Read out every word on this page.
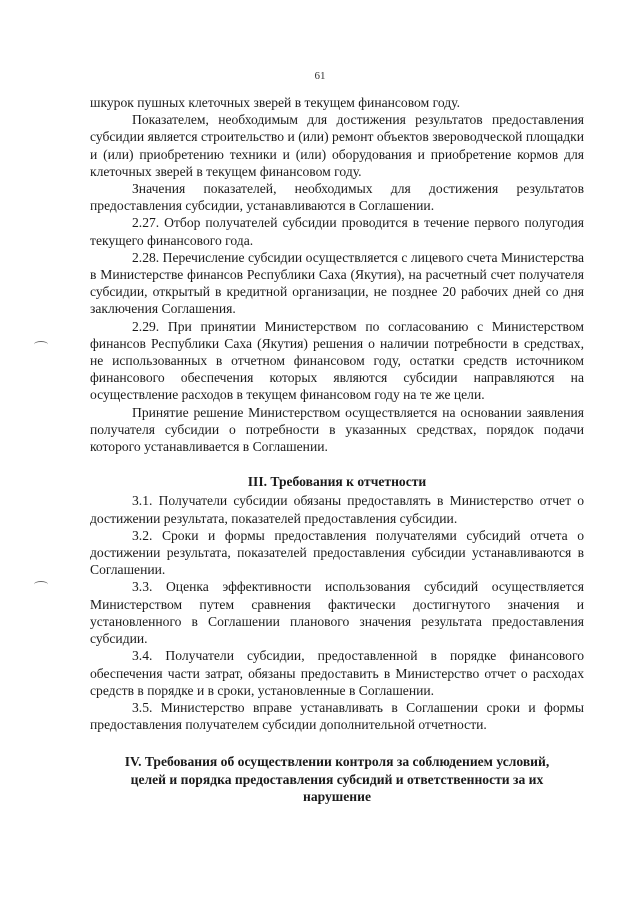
61

шкурок пушных клеточных зверей в текущем финансовом году.

Показателем, необходимым для достижения результатов предоставления субсидии является строительство и (или) ремонт объектов звероводческой площадки и (или) приобретению техники и (или) оборудования и приобретение кормов для клеточных зверей в текущем финансовом году.

Значения показателей, необходимых для достижения результатов предоставления субсидии, устанавливаются в Соглашении.

2.27. Отбор получателей субсидии проводится в течение первого полугодия текущего финансового года.

2.28. Перечисление субсидии осуществляется с лицевого счета Министерства в Министерстве финансов Республики Саха (Якутия), на расчетный счет получателя субсидии, открытый в кредитной организации, не позднее 20 рабочих дней со дня заключения Соглашения.

2.29. При принятии Министерством по согласованию с Министерством финансов Республики Саха (Якутия) решения о наличии потребности в средствах, не использованных в отчетном финансовом году, остатки средств источником финансового обеспечения которых являются субсидии направляются на осуществление расходов в текущем финансовом году на те же цели.

Принятие решение Министерством осуществляется на основании заявления получателя субсидии о потребности в указанных средствах, порядок подачи которого устанавливается в Соглашении.

III. Требования к отчетности

3.1. Получатели субсидии обязаны предоставлять в Министерство отчет о достижении результата, показателей предоставления субсидии.

3.2. Сроки и формы предоставления получателями субсидий отчета о достижении результата, показателей предоставления субсидии устанавливаются в Соглашении.

3.3. Оценка эффективности использования субсидий осуществляется Министерством путем сравнения фактически достигнутого значения и установленного в Соглашении планового значения результата предоставления субсидии.

3.4. Получатели субсидии, предоставленной в порядке финансового обеспечения части затрат, обязаны предоставить в Министерство отчет о расходах средств в порядке и в сроки, установленные в Соглашении.

3.5. Министерство вправе устанавливать в Соглашении сроки и формы предоставления получателем субсидии дополнительной отчетности.

IV. Требования об осуществлении контроля за соблюдением условий,
целей и порядка предоставления субсидий и ответственности за их
нарушение
